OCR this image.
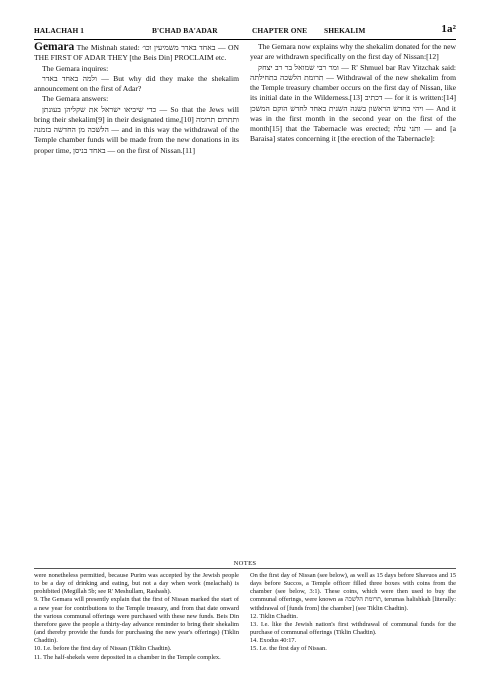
HALACHAH 1	B'CHAD BA'ADAR	CHAPTER ONE SHEKALIM	1a²

Gemara The Mishnah stated: באחד באדר משמיעין וכו׳ — ON THE FIRST OF ADAR THEY [the Beis Din] PROCLAIM etc.

The Gemara inquires:

ולמה באחד באדר — But why did they make the shekalim announcement on the first of Adar?

The Gemara answers:

כדי שיביאו ישראל את שקליהן בעונתן — So that the Jews will bring their shekalim[9] in their designated time,[10] ותתרום תרומה הלשכה מן החדשה בזמנה — and in this way the withdrawal of the Temple chamber funds will be made from the new donations in its proper time, באחד בניסן — on the first of Nissan.[11]

The Gemara now explains why the shekalim donated for the new year are withdrawn specifically on the first day of Nissan:[12]

ומר רבי שמואל בר רב יצחק — R' Shmuel bar Rav Yitzchak said: תרומת הלשכה בתחילתה — Withdrawal of the new shekalim from the Temple treasury chamber occurs on the first day of Nissan, like its initial date in the Wilderness.[13] דכתיב — for it is written:[14] ויהי בחדש הראשון בשנה השנית באחד לחדש הוקם המשכן — And it was in the first month in the second year on the first of the month[15] that the Tabernacle was erected; ותני עלה — and [a Baraisa] states concerning it [the erection of the Tabernacle]:

NOTES

were nonetheless permitted, because Purim was accepted by the Jewish people to be a day of drinking and eating, but not a day when work (melachah) is prohibited (Megillah 5b; see R' Meshullam, Rashash).

9. The Gemara will presently explain that the first of Nissan marked the start of a new year for contributions to the Temple treasury, and from that date onward the various communal offerings were purchased with these new funds. Beis Din therefore gave the people a thirty-day advance reminder to bring their shekalim (and thereby provide the funds for purchasing the new year's offerings) (Tiklin Chadtin).

10. I.e. before the first day of Nissan (Tiklin Chadtin).

11. The half-shekels were deposited in a chamber in the Temple complex.

On the first day of Nissan (see below), as well as 15 days before Shavuos and 15 days before Succos, a Temple officer filled three boxes with coins from the chamber (see below, 3:1). These coins, which were then used to buy the communal offerings, were known as תרומת הלשכה, terumas halishkah [literally: withdrawal of [funds from] the chamber] (see Tiklin Chadtin).

12. Tiklin Chadtin.

13. I.e. like the Jewish nation's first withdrawal of communal funds for the purchase of communal offerings (Tiklin Chadtin).

14. Exodus 40:17.

15. I.e. the first day of Nissan.
